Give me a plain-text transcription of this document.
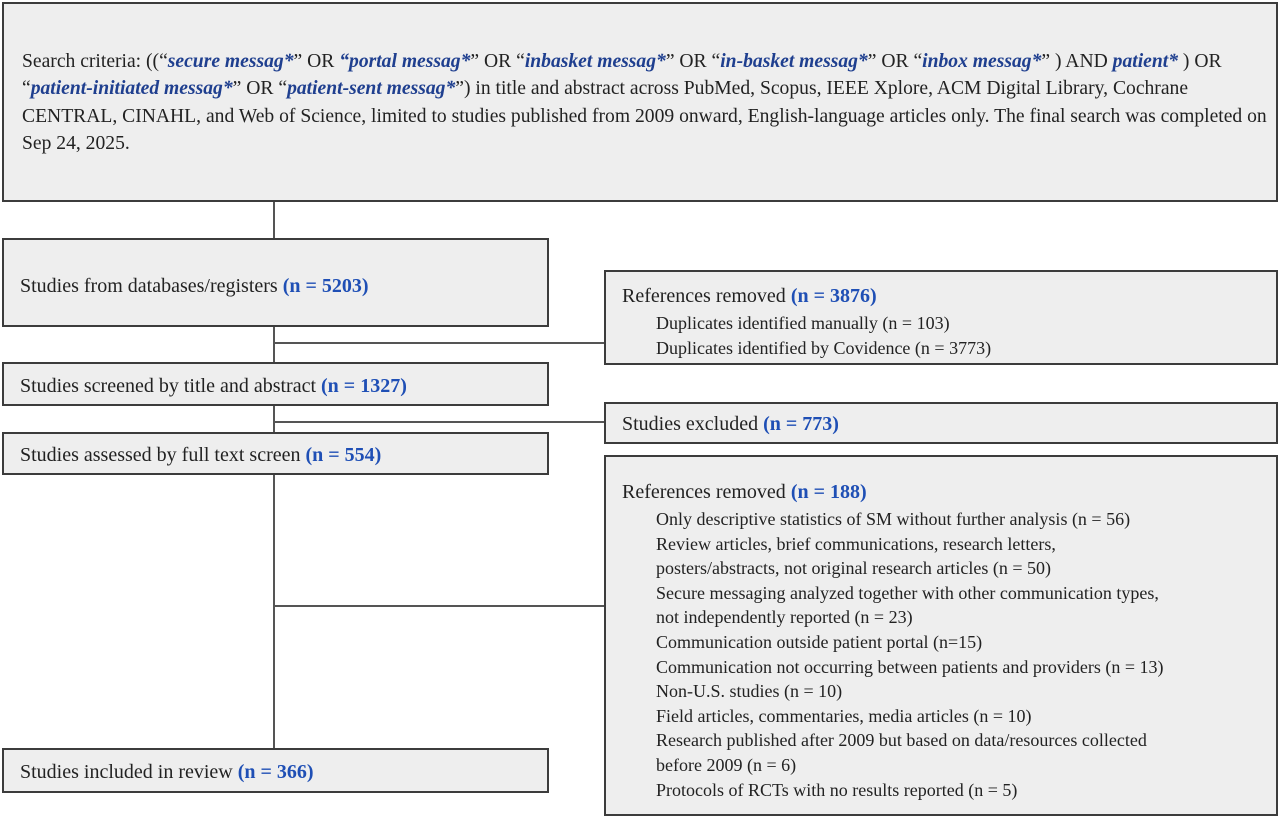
Search criteria: ((“secure messag*” OR “portal messag*” OR “inbasket messag*” OR “in-basket messag*” OR “inbox messag*” ) AND patient* ) OR “patient-initiated messag*” OR “patient-sent messag*”) in title and abstract across PubMed, Scopus, IEEE Xplore, ACM Digital Library, Cochrane CENTRAL, CINAHL, and Web of Science, limited to studies published from 2009 onward, English-language articles only. The final search was completed on Sep 24, 2025.
Studies from databases/registers (n = 5203)
Studies screened by title and abstract (n = 1327)
Studies assessed by full text screen (n = 554)
Studies included in review (n = 366)
References removed (n = 3876)
Duplicates identified manually (n = 103)
Duplicates identified by Covidence (n = 3773)
Studies excluded (n = 773)
References removed (n = 188)
Only descriptive statistics of SM without further analysis (n = 56)
Review articles, brief communications, research letters,
posters/abstracts, not original research articles (n = 50)
Secure messaging analyzed together with other communication types,
not independently reported (n = 23)
Communication outside patient portal (n=15)
Communication not occurring between patients and providers (n = 13)
Non-U.S. studies (n = 10)
Field articles, commentaries, media articles (n = 10)
Research published after 2009 but based on data/resources collected
before 2009 (n = 6)
Protocols of RCTs with no results reported (n = 5)
